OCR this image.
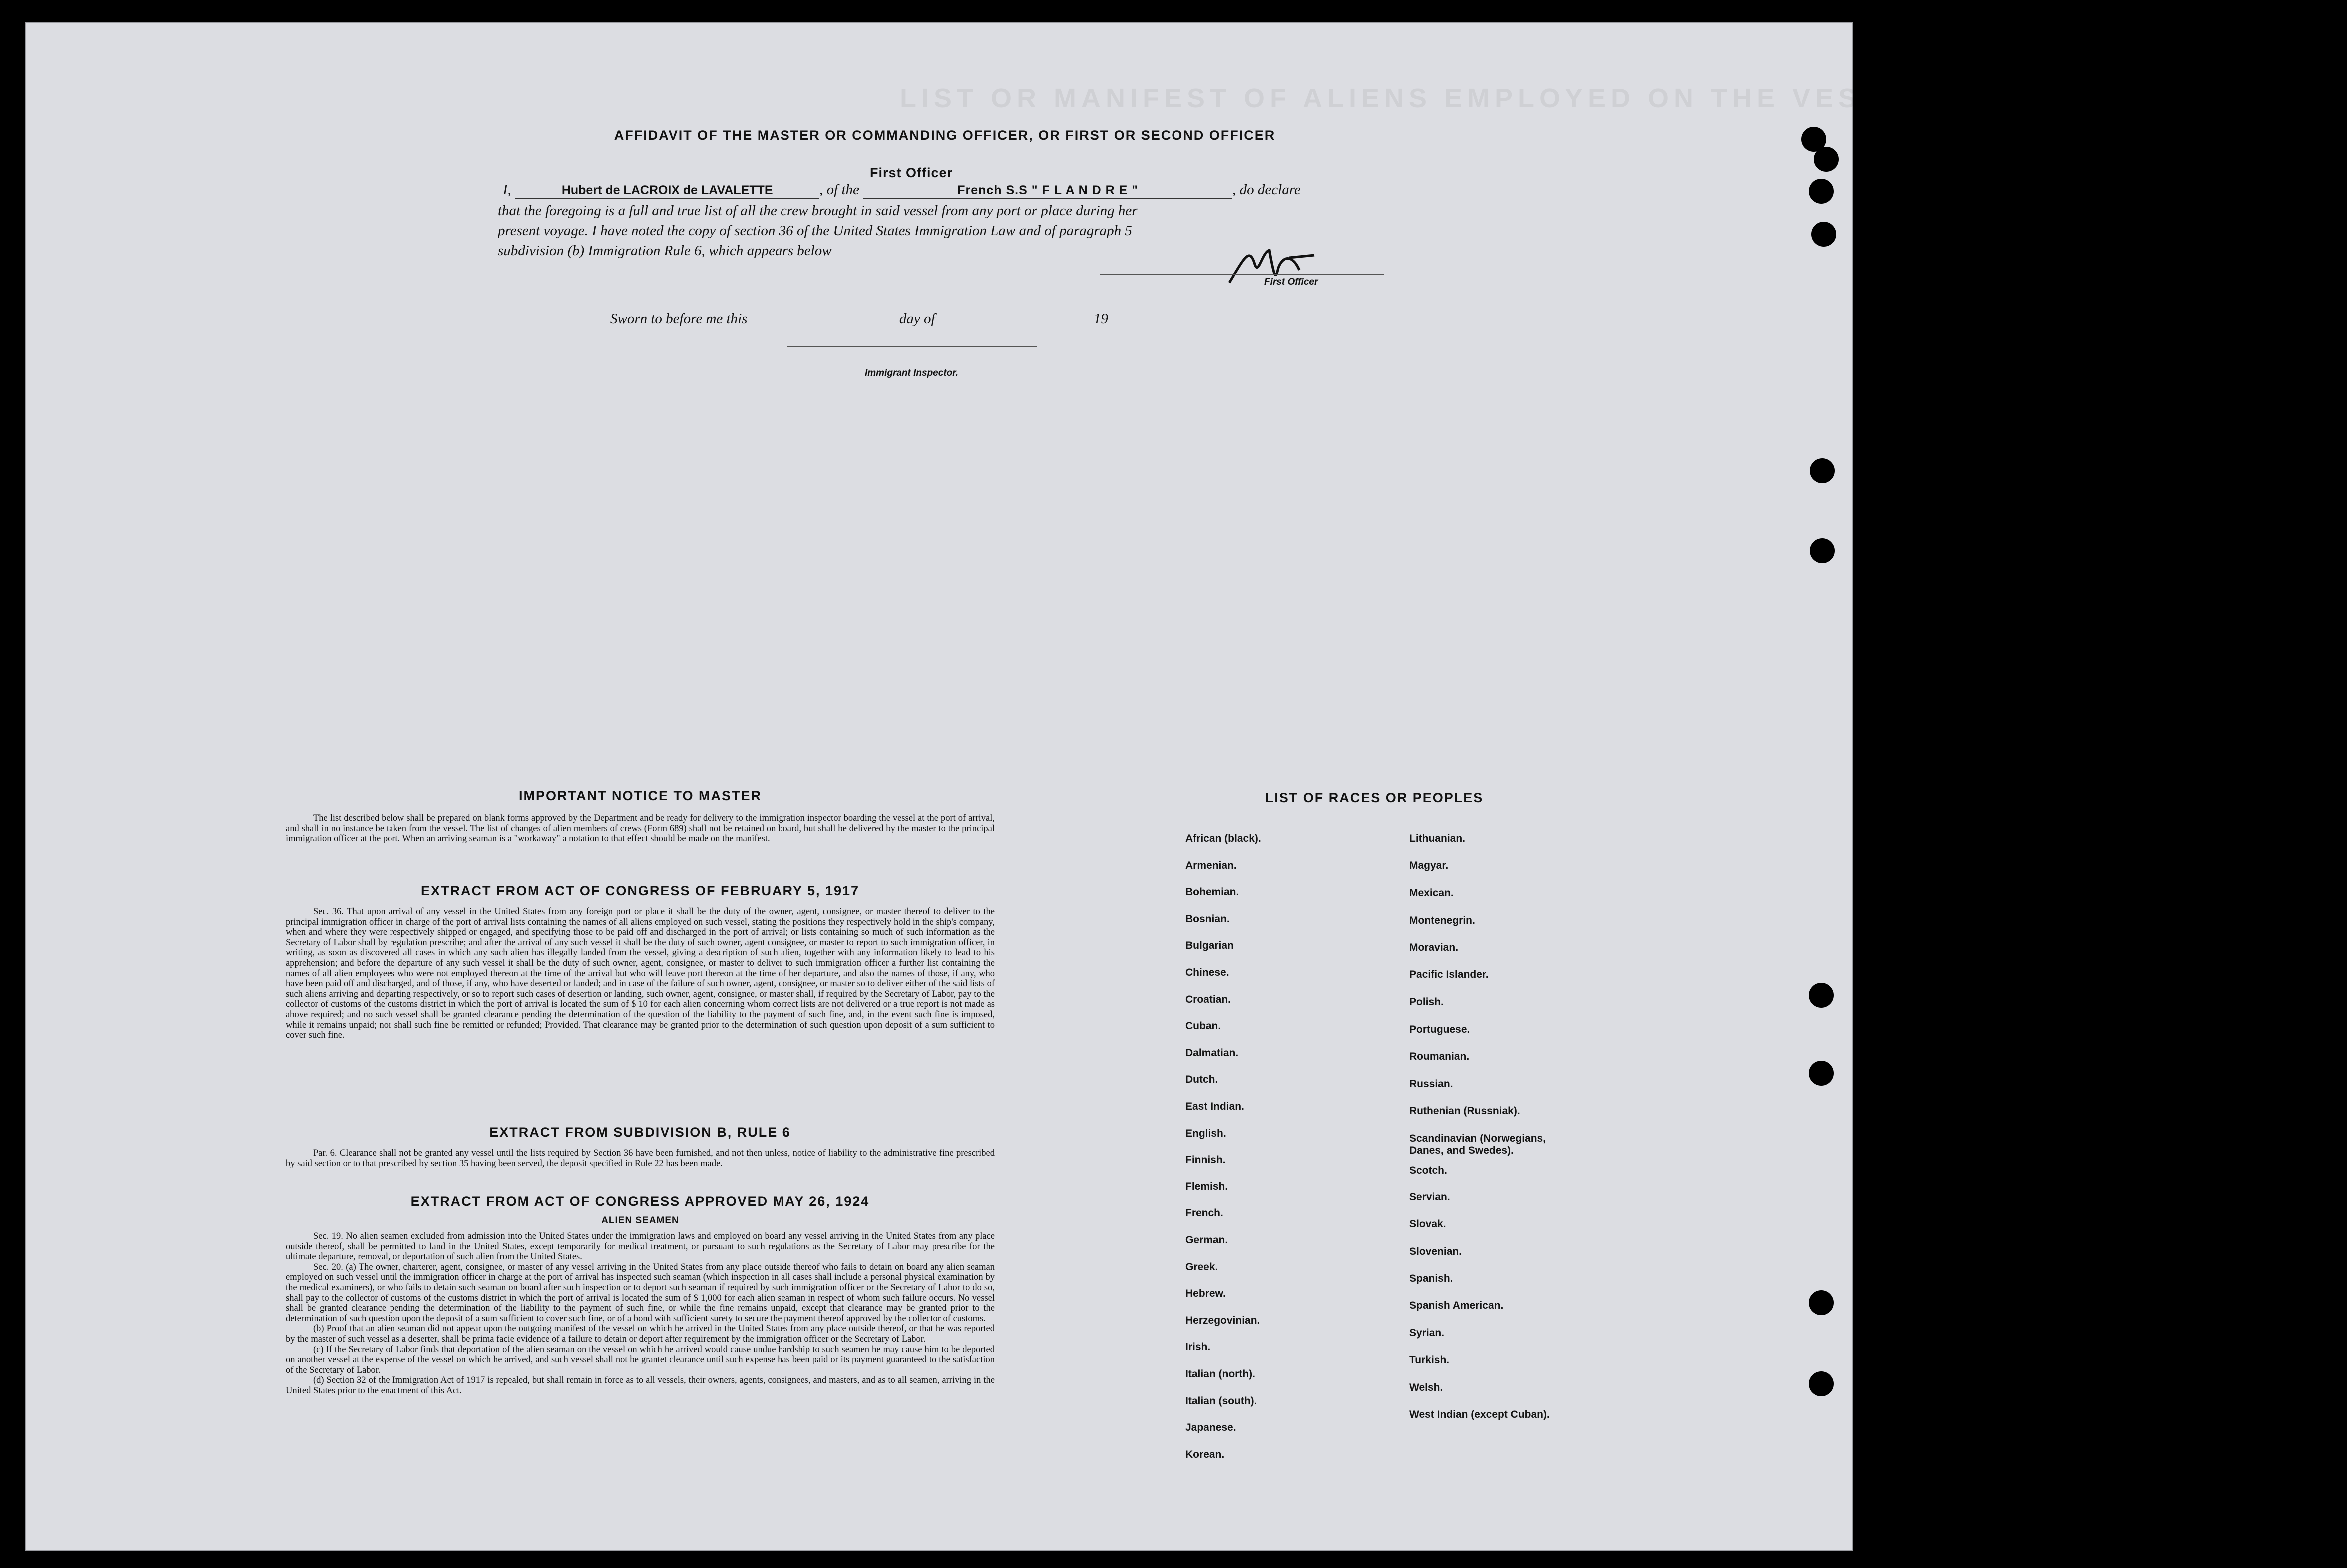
LIST OR MANIFEST OF ALIENS EMPLOYED ON THE VESSEL AS MEMBERS OF CREW
AFFIDAVIT OF THE MASTER OR COMMANDING OFFICER, OR FIRST OR SECOND OFFICER
First Officer
I,	Hubert de LACROIX de LAVALETTE	, of the	French S.S " F L A N D R E "	, do declare
that the foregoing is a full and true list of all the crew brought in said vessel from any port or place during her
present voyage. I have noted the copy of section 36 of the United States Immigration Law and of paragraph 5
subdivision (b) Immigration Rule 6, which appears below
First Officer
Sworn to before me this	day of	19
Immigrant Inspector.
IMPORTANT NOTICE TO MASTER

The list described below shall be prepared on blank forms approved by the Department and be ready for delivery to the immigration inspector boarding the vessel at the port of arrival, and shall in no instance be taken from the vessel. The list of changes of alien members of crews (Form 689) shall not be retained on board, but shall be delivered by the master to the principal immigration officer at the port. When an arriving seaman is a "workaway" a notation to that effect should be made on the manifest.

EXTRACT FROM ACT OF CONGRESS OF FEBRUARY 5, 1917

Sec. 36. That upon arrival of any vessel in the United States from any foreign port or place it shall be the duty of the owner, agent, consignee, or master thereof to deliver to the principal immigration officer in charge of the port of arrival lists containing the names of all aliens employed on such vessel, stating the positions they respectively hold in the ship's company, when and where they were respectively shipped or engaged, and specifying those to be paid off and discharged in the port of arrival; or lists containing so much of such information as the Secretary of Labor shall by regulation prescribe; and after the arrival of any such vessel it shall be the duty of such owner, agent consignee, or master to report to such immigration officer, in writing, as soon as discovered all cases in which any such alien has illegally landed from the vessel, giving a description of such alien, together with any information likely to lead to his apprehension; and before the departure of any such vessel it shall be the duty of such owner, agent, consignee, or master to deliver to such immigration officer a further list containing the names of all alien employees who were not employed thereon at the time of the arrival but who will leave port thereon at the time of her departure, and also the names of those, if any, who have been paid off and discharged, and of those, if any, who have deserted or landed; and in case of the failure of such owner, agent, consignee, or master so to deliver either of the said lists of such aliens arriving and departing respectively, or so to report such cases of desertion or landing, such owner, agent, consignee, or master shall, if required by the Secretary of Labor, pay to the collector of customs of the customs district in which the port of arrival is located the sum of $ 10 for each alien concerning whom correct lists are not delivered or a true report is not made as above required; and no such vessel shall be granted clearance pending the determination of the question of the liability to the payment of such fine, and, in the event such fine is imposed, while it remains unpaid; nor shall such fine be remitted or refunded; Provided. That clearance may be granted prior to the determination of such question upon deposit of a sum sufficient to cover such fine.

EXTRACT FROM SUBDIVISION B, RULE 6

Par. 6. Clearance shall not be granted any vessel until the lists required by Section 36 have been furnished, and not then unless, notice of liability to the administrative fine prescribed by said section or to that prescribed by section 35 having been served, the deposit specified in Rule 22 has been made.

EXTRACT FROM ACT OF CONGRESS APPROVED MAY 26, 1924
ALIEN SEAMEN

Sec. 19. No alien seamen excluded from admission into the United States under the immigration laws and employed on board any vessel arriving in the United States from any place outside thereof, shall be permitted to land in the United States, except temporarily for medical treatment, or pursuant to such regulations as the Secretary of Labor may prescribe for the ultimate departure, removal, or deportation of such alien from the United States.

Sec. 20. (a) The owner, charterer, agent, consignee, or master of any vessel arriving in the United States from any place outside thereof who fails to detain on board any alien seaman employed on such vessel until the immigration officer in charge at the port of arrival has inspected such seaman (which inspection in all cases shall include a personal physical examination by the medical examiners), or who fails to detain such seaman on board after such inspection or to deport such seaman if required by such immigration officer or the Secretary of Labor to do so, shall pay to the collector of customs of the customs district in which the port of arrival is located the sum of $ 1,000 for each alien seaman in respect of whom such failure occurs. No vessel shall be granted clearance pending the determination of the liability to the payment of such fine, or while the fine remains unpaid, except that clearance may be granted prior to the determination of such question upon the deposit of a sum sufficient to cover such fine, or of a bond with sufficient surety to secure the payment thereof approved by the collector of customs.

(b) Proof that an alien seaman did not appear upon the outgoing manifest of the vessel on which he arrived in the United States from any place outside thereof, or that he was reported by the master of such vessel as a deserter, shall be prima facie evidence of a failure to detain or deport after requirement by the immigration officer or the Secretary of Labor.

(c) If the Secretary of Labor finds that deportation of the alien seaman on the vessel on which he arrived would cause undue hardship to such seamen he may cause him to be deported on another vessel at the expense of the vessel on which he arrived, and such vessel shall not be grantet clearance until such expense has been paid or its payment guaranteed to the satisfaction of the Secretary of Labor.

(d) Section 32 of the Immigration Act of 1917 is repealed, but shall remain in force as to all vessels, their owners, agents, consignees, and masters, and as to all seamen, arriving in the United States prior to the enactment of this Act.

LIST OF RACES OR PEOPLES
African (black).
Armenian.
Bohemian.
Bosnian.
Bulgarian
Chinese.
Croatian.
Cuban.
Dalmatian.
Dutch.
East Indian.
English.
Finnish.
Flemish.
French.
German.
Greek.
Hebrew.
Herzegovinian.
Irish.
Italian (north).
Italian (south).
Japanese.
Korean.
Lithuanian.
Magyar.
Mexican.
Montenegrin.
Moravian.
Pacific Islander.
Polish.
Portuguese.
Roumanian.
Russian.
Ruthenian (Russniak).
Scandinavian (Norwegians, Danes, and Swedes).
Scotch.
Servian.
Slovak.
Slovenian.
Spanish.
Spanish American.
Syrian.
Turkish.
Welsh.
West Indian (except Cuban).
